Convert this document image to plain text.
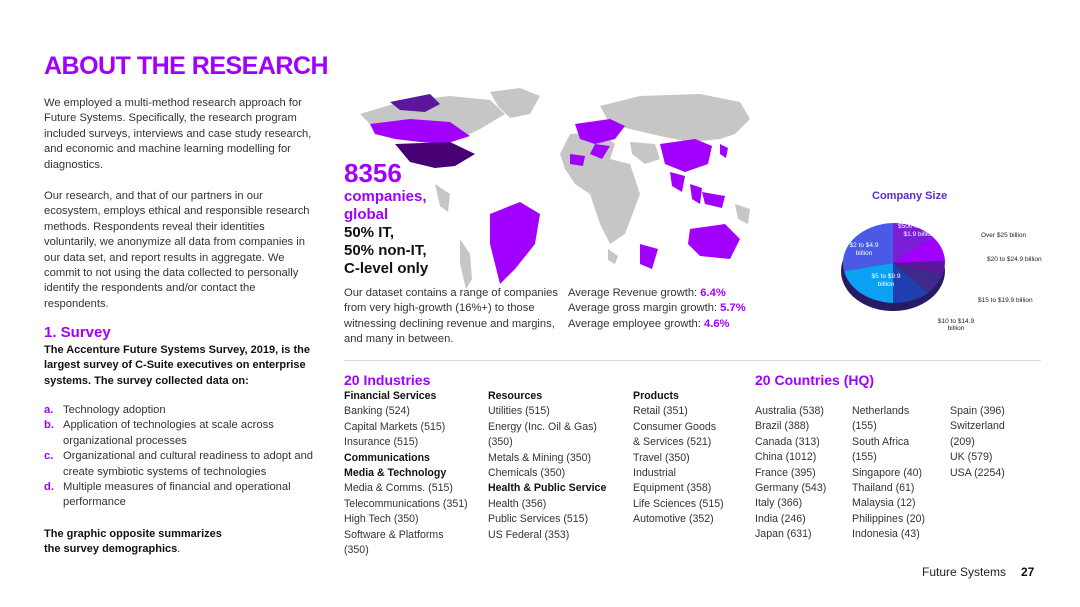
ABOUT THE RESEARCH
We employed a multi-method research approach for Future Systems. Specifically, the research program included surveys, interviews and case study research, and economic and machine learning modelling for diagnostics.
Our research, and that of our partners in our ecosystem, employs ethical and responsible research methods. Respondents reveal their identities voluntarily, we anonymize all data from companies in our data set, and report results in aggregate. We commit to not using the data collected to personally identify the respondents and/or contact the respondents.
1. Survey
The Accenture Future Systems Survey, 2019, is the largest survey of C-Suite executives on enterprise systems. The survey collected data on:
a. Technology adoption
b. Application of technologies at scale across organizational processes
c. Organizational and cultural readiness to adopt and create symbiotic systems of technologies
d. Multiple measures of financial and operational performance
The graphic opposite summarizes
the survey demographics.
8356
companies,
global
50% IT,
50% non-IT,
C-level only
Our dataset contains a range of companies from very high-growth (16%+) to those witnessing declining revenue and margins, and many in between.
Average Revenue growth: 6.4%
Average gross margin growth: 5.7%
Average employee growth: 4.6%
Company Size
$500 million to $1.9 billion
$2 to $4.9 billion
$5 to $9.9 billion
Over $25 billion
$20 to $24.9 billion
$15 to $19.9 billion
$10 to $14.9 billion
20 Industries	20 Countries (HQ)
Financial Services
Banking (524)
Capital Markets (515)
Insurance (515)
Communications
Media & Technology
Media & Comms. (515)
Telecommunications (351)
High Tech (350)
Software & Platforms
(350)
Resources
Utilities (515)
Energy (Inc. Oil & Gas)
(350)
Metals & Mining (350)
Chemicals (350)
Health & Public Service
Health (356)
Public Services (515)
US Federal (353)
Products
Retail (351)
Consumer Goods
& Services (521)
Travel (350)
Industrial
Equipment (358)
Life Sciences (515)
Automotive (352)
Australia (538)
Brazil (388)
Canada (313)
China (1012)
France (395)
Germany (543)
Italy (366)
India (246)
Japan (631)
Netherlands
(155)
South Africa
(155)
Singapore (40)
Thailand (61)
Malaysia (12)
Philippines (20)
Indonesia (43)
Spain (396)
Switzerland
(209)
UK (579)
USA (2254)
Future Systems 27
